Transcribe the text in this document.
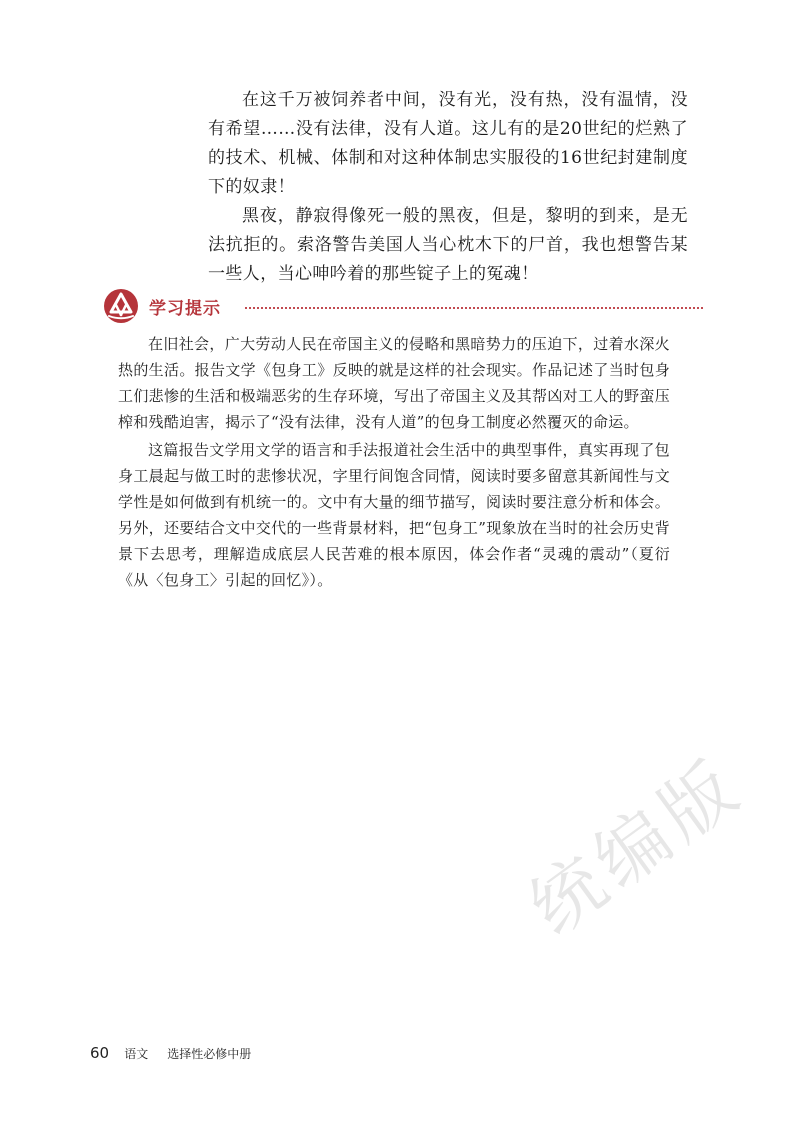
在这千万被饲养者中间，没有光，没有热，没有温情，没有希望……没有法律，没有人道。这儿有的是20世纪的烂熟了的技术、机械、体制和对这种体制忠实服役的16世纪封建制度下的奴隶！

黑夜，静寂得像死一般的黑夜，但是，黎明的到来，是无法抗拒的。索洛警告美国人当心枕木下的尸首，我也想警告某一些人，当心呻吟着的那些锭子上的冤魂！

学习提示

在旧社会，广大劳动人民在帝国主义的侵略和黑暗势力的压迫下，过着水深火热的生活。报告文学《包身工》反映的就是这样的社会现实。作品记述了当时包身工们悲惨的生活和极端恶劣的生存环境，写出了帝国主义及其帮凶对工人的野蛮压榨和残酷迫害，揭示了“没有法律，没有人道”的包身工制度必然覆灭的命运。

这篇报告文学用文学的语言和手法报道社会生活中的典型事件，真实再现了包身工晨起与做工时的悲惨状况，字里行间饱含同情，阅读时要多留意其新闻性与文学性是如何做到有机统一的。文中有大量的细节描写，阅读时要注意分析和体会。另外，还要结合文中交代的一些背景材料，把“包身工”现象放在当时的社会历史背景下去思考，理解造成底层人民苦难的根本原因，体会作者“灵魂的震动”（夏衍《从〈包身工〉引起的回忆》）。

统编版
60 语文 选择性必修中册
